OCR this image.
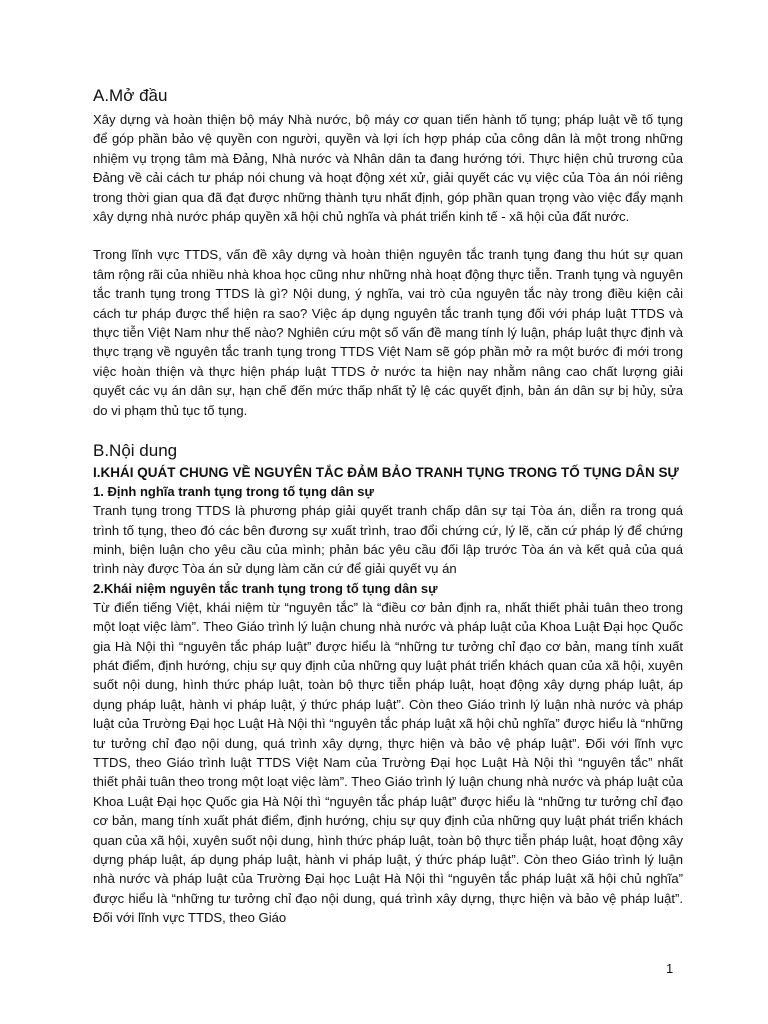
A.Mở đầu

Xây dựng và hoàn thiện bộ máy Nhà nước, bộ máy cơ quan tiến hành tố tụng; pháp luật về tố tụng để góp phần bảo vệ quyền con người, quyền và lợi ích hợp pháp của công dân là một trong những nhiệm vụ trọng tâm mà Đảng, Nhà nước và Nhân dân ta đang hướng tới. Thực hiện chủ trương của Đảng về cải cách tư pháp nói chung và hoạt động xét xử, giải quyết các vụ việc của Tòa án nói riêng trong thời gian qua đã đạt được những thành tựu nhất định, góp phần quan trọng vào việc đẩy mạnh xây dựng nhà nước pháp quyền xã hội chủ nghĩa và phát triển kinh tế - xã hội của đất nước.

Trong lĩnh vực TTDS, vấn đề xây dựng và hoàn thiện nguyên tắc tranh tụng đang thu hút sự quan tâm rộng rãi của nhiều nhà khoa học cũng như những nhà hoạt động thực tiễn. Tranh tụng và nguyên tắc tranh tụng trong TTDS là gì? Nội dung, ý nghĩa, vai trò của nguyên tắc này trong điều kiện cải cách tư pháp được thể hiện ra sao? Việc áp dụng nguyên tắc tranh tụng đối với pháp luật TTDS và thực tiễn Việt Nam như thế nào? Nghiên cứu một số vấn đề mang tính lý luận, pháp luật thực định và thực trạng về nguyên tắc tranh tụng trong TTDS Việt Nam sẽ góp phần mở ra một bước đi mới trong việc hoàn thiện và thực hiện pháp luật TTDS ở nước ta hiện nay nhằm nâng cao chất lượng giải quyết các vụ án dân sự, hạn chế đến mức thấp nhất tỷ lệ các quyết định, bản án dân sự bị hủy, sửa do vi phạm thủ tục tố tụng.

B.Nội dung

I.KHÁI QUÁT CHUNG VỀ NGUYÊN TẮC ĐẢM BẢO TRANH TỤNG TRONG TỐ TỤNG DÂN SỰ

1. Định nghĩa tranh tụng trong tố tụng dân sự

Tranh tụng trong TTDS là phương pháp giải quyết tranh chấp dân sự tại Tòa án, diễn ra trong quá trình tố tụng, theo đó các bên đương sự xuất trình, trao đổi chứng cứ, lý lẽ, căn cứ pháp lý để chứng minh, biện luận cho yêu cầu của mình; phản bác yêu cầu đối lập trước Tòa án và kết quả của quá trình này được Tòa án sử dụng làm căn cứ để giải quyết vụ án

2.Khái niệm nguyên tắc tranh tụng trong tố tụng dân sự

Từ điển tiếng Việt, khái niệm từ “nguyên tắc” là “điều cơ bản định ra, nhất thiết phải tuân theo trong một loạt việc làm”. Theo Giáo trình lý luận chung nhà nước và pháp luật của Khoa Luật Đại học Quốc gia Hà Nội thì “nguyên tắc pháp luật” được hiểu là “những tư tưởng chỉ đạo cơ bản, mang tính xuất phát điểm, định hướng, chịu sự quy định của những quy luật phát triển khách quan của xã hội, xuyên suốt nội dung, hình thức pháp luật, toàn bộ thực tiễn pháp luật, hoạt động xây dựng pháp luật, áp dụng pháp luật, hành vi pháp luật, ý thức pháp luật”. Còn theo Giáo trình lý luận nhà nước và pháp luật của Trường Đại học Luật Hà Nội thì “nguyên tắc pháp luật xã hội chủ nghĩa” được hiểu là “những tư tưởng chỉ đạo nội dung, quá trình xây dựng, thực hiện và bảo vệ pháp luật”. Đối với lĩnh vực TTDS, theo Giáo trình luật TTDS Việt Nam của Trường Đại học Luật Hà Nội thì “nguyên tắc” nhất thiết phải tuân theo trong một loạt việc làm”. Theo Giáo trình lý luận chung nhà nước và pháp luật của Khoa Luật Đại học Quốc gia Hà Nội thì “nguyên tắc pháp luật” được hiểu là “những tư tưởng chỉ đạo cơ bản, mang tính xuất phát điểm, định hướng, chịu sự quy định của những quy luật phát triển khách quan của xã hội, xuyên suốt nội dung, hình thức pháp luật, toàn bộ thực tiễn pháp luật, hoạt động xây dựng pháp luật, áp dụng pháp luật, hành vi pháp luật, ý thức pháp luật”. Còn theo Giáo trình lý luận nhà nước và pháp luật của Trường Đại học Luật Hà Nội thì “nguyên tắc pháp luật xã hội chủ nghĩa” được hiểu là “những tư tưởng chỉ đạo nội dung, quá trình xây dựng, thực hiện và bảo vệ pháp luật”. Đối với lĩnh vực TTDS, theo Giáo

1
